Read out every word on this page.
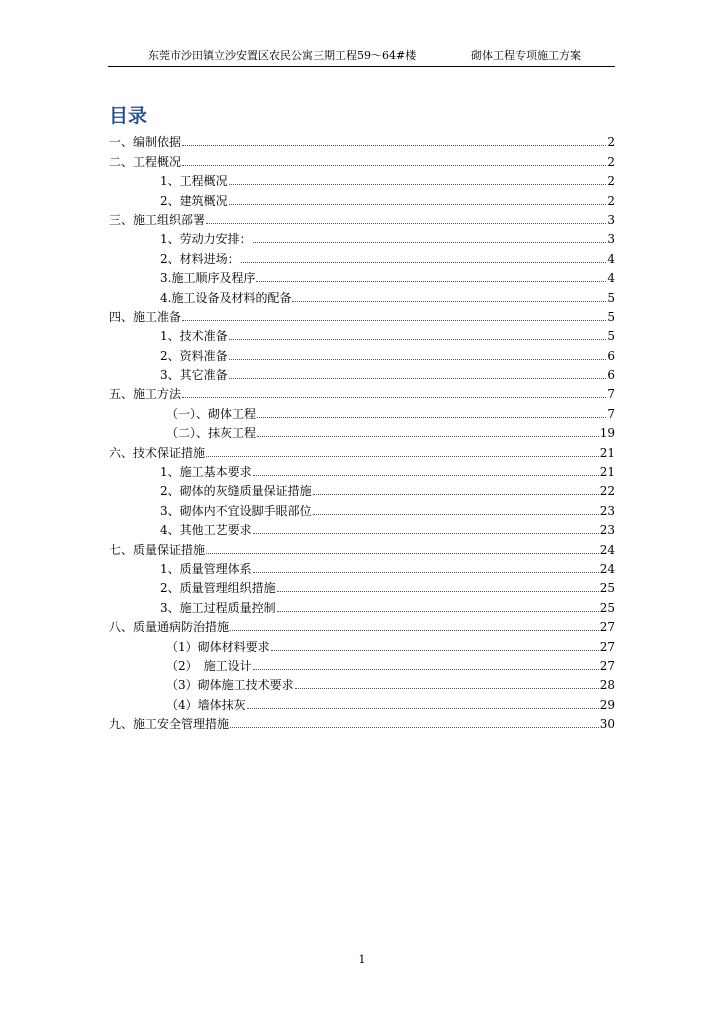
东莞市沙田镇立沙安置区农民公寓三期工程59～64#楼	砌体工程专项施工方案
目录
一、编制依据	2
二、工程概况	2
1、工程概况	2
2、建筑概况	2
三、施工组织部署	3
1、劳动力安排：	3
2、材料进场：	4
3.施工顺序及程序	4
4.施工设备及材料的配备	5
四、施工准备	5
1、技术准备	5
2、资料准备	6
3、其它准备	6
五、施工方法	7
（一）、砌体工程	7
（二）、抹灰工程	19
六、技术保证措施	21
1、施工基本要求	21
2、砌体的灰缝质量保证措施	22
3、砌体内不宜设脚手眼部位	23
4、其他工艺要求	23
七、质量保证措施	24
1、质量管理体系	24
2、质量管理组织措施	25
3、施工过程质量控制	25
八、质量通病防治措施	27
（1）砌体材料要求	27
（2）　施工设计	27
（3）砌体施工技术要求	28
（4）墙体抹灰	29
九、施工安全管理措施	30
1
